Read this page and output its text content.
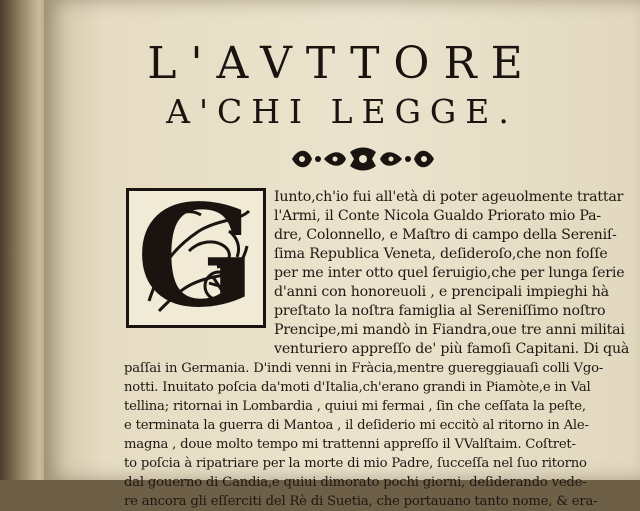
L'AVTTORE
A'CHI LEGGE.
G	Iunto,ch'io fui all'età di poter ageuolmente trattar
l'Armi, il Conte Nicola Gualdo Priorato mio Pa-
dre, Colonnello, e Maſtro di campo della Sereniſ-
ſima Republica Veneta, deſideroſo,che non foſſe
per me inter otto quel ſeruigio,che per lunga ſerie
d'anni con honoreuoli , e prencipali impieghi hà
preſtato la noſtra famiglia al Sereniſſimo noſtro
Prencipe,mi mandò in Fiandra,oue tre anni militai
venturiero appreſſo de' più famoſi Capitani. Di quà
paſſai in Germania. D'indi venni in Fràcia,mentre guereggiauaſi colli Vgo-
notti. Inuitato poſcia da'moti d'Italia,ch'erano grandi in Piamòte,e in Val
tellina; ritornai in Lombardia , quiui mi fermai , ſin che ceſſata la peſte,
e terminata la guerra di Mantoa , il deſiderio mi eccitò al ritorno in Ale-
magna , doue molto tempo mi trattenni appreſſo il VValſtaim. Coſtret-
to poſcia à ripatriare per la morte di mio Padre, ſucceſſa nel ſuo ritorno
dal gouerno di Candia,e quiui dimorato pochi giorni, deſiderando vede-
re ancora gli eſſerciti del Rè di Suetia, che portauano tanto nome, & era-
